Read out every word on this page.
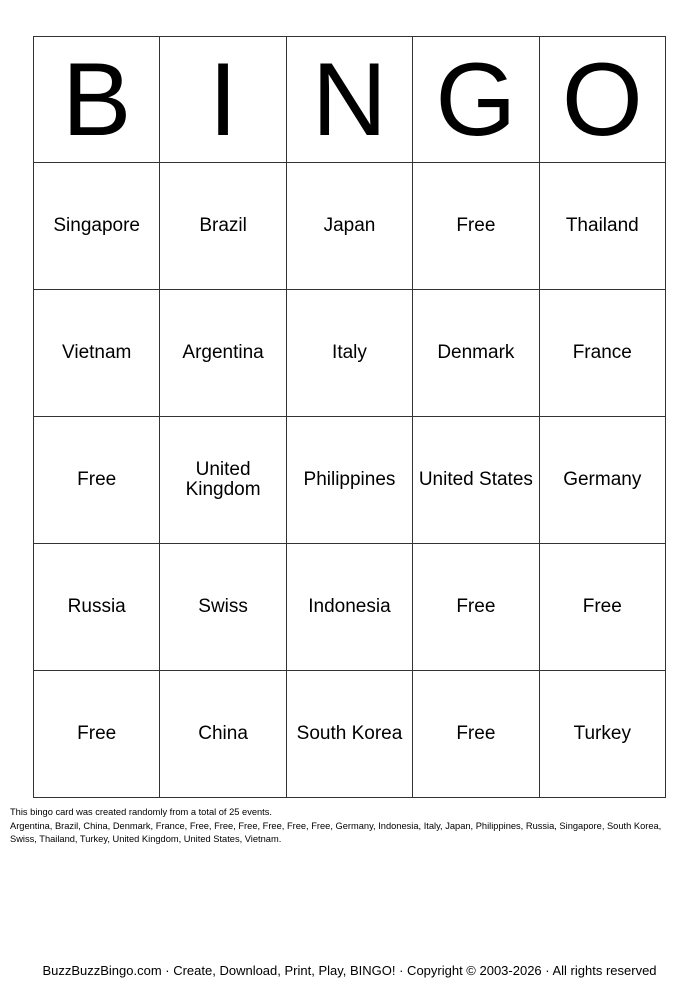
B	I	N	G	O
Singapore	Brazil	Japan	Free	Thailand
Vietnam	Argentina	Italy	Denmark	France
Free	United Kingdom	Philippines	United States	Germany
Russia	Swiss	Indonesia	Free	Free
Free	China	South Korea	Free	Turkey
This bingo card was created randomly from a total of 25 events.
Argentina, Brazil, China, Denmark, France, Free, Free, Free, Free, Free, Free, Germany, Indonesia, Italy, Japan, Philippines, Russia, Singapore, South Korea, Swiss, Thailand, Turkey, United Kingdom, United States, Vietnam.
BuzzBuzzBingo.com · Create, Download, Print, Play, BINGO! · Copyright © 2003-2026 · All rights reserved
